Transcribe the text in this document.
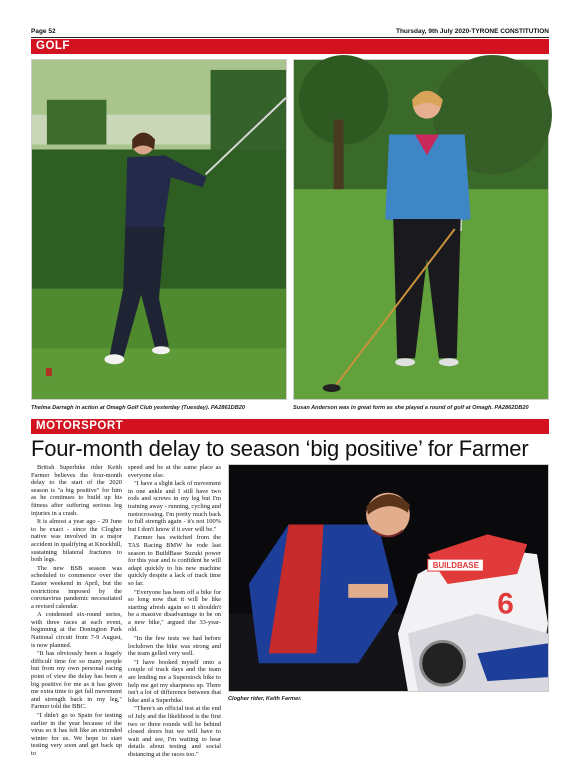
Page 52	Thursday, 9th July 2020-TYRONE CONSTITUTION
GOLF
Thelma Darragh in action at Omagh Golf Club yesterday (Tuesday). PA2861DB20	Susan Anderson was in great form as she played a round of golf at Omagh. PA2862DB20
MOTORSPORT
Four-month delay to season ‘big positive’ for Farmer

British Superbike rider Keith Farmer believes the four-month delay to the start of the 2020 season is "a big positive" for him as he continues to build up his fitness after suffering serious leg injuries in a crash.

It is almost a year ago - 29 June to be exact - since the Clogher native was involved in a major accident in qualifying at Knockhill, sustaining bilateral fractures to both legs.

The new BSB season was scheduled to commence over the Easter weekend in April, but the restrictions imposed by the coronavirus pandemic necessitated a revised calendar.

A condensed six-round series, with three races at each event, beginning at the Donington Park National circuit from 7-9 August, is now planned.

"It has obviously been a hugely difficult time for so many people but from my own personal racing point of view the delay has been a big positive for me as it has given me extra time to get full movement and strength back in my leg," Farmer told the BBC.

"I didn't go to Spain for testing earlier in the year because of the virus so it has felt like an extended winter for us. We hope to start testing very soon and get back up to

speed and be at the same place as everyone else.

"I have a slight lack of movement in one ankle and I still have two rods and screws in my leg but I'm training away - running, cycling and motocrossing. I'm pretty much back to full strength again - it's not 100% but I don't know if it ever will be."

Farmer has switched from the TAS Racing BMW he rode last season to BuildBase Suzuki power for this year and is confident he will adapt quickly to his new machine quickly despite a lack of track time so far.

"Everyone has been off a bike for so long now that it will be like starting afresh again so it shouldn't be a massive disadvantage to be on a new bike," argued the 33-year-old.

"In the few tests we had before lockdown the bike was strong and the team gelled very well.

"I have booked myself onto a couple of track days and the team are lending me a Superstock bike to help me get my sharpness up. There isn't a lot of difference between that bike and a Superbike.

"There's an official test at the end of July and the likelihood is the first two or three rounds will be behind closed doors but we will have to wait and see, I'm waiting to hear details about testing and social distancing at the races too."

BUILDBASE
6
Clogher rider, Keith Farmer.
